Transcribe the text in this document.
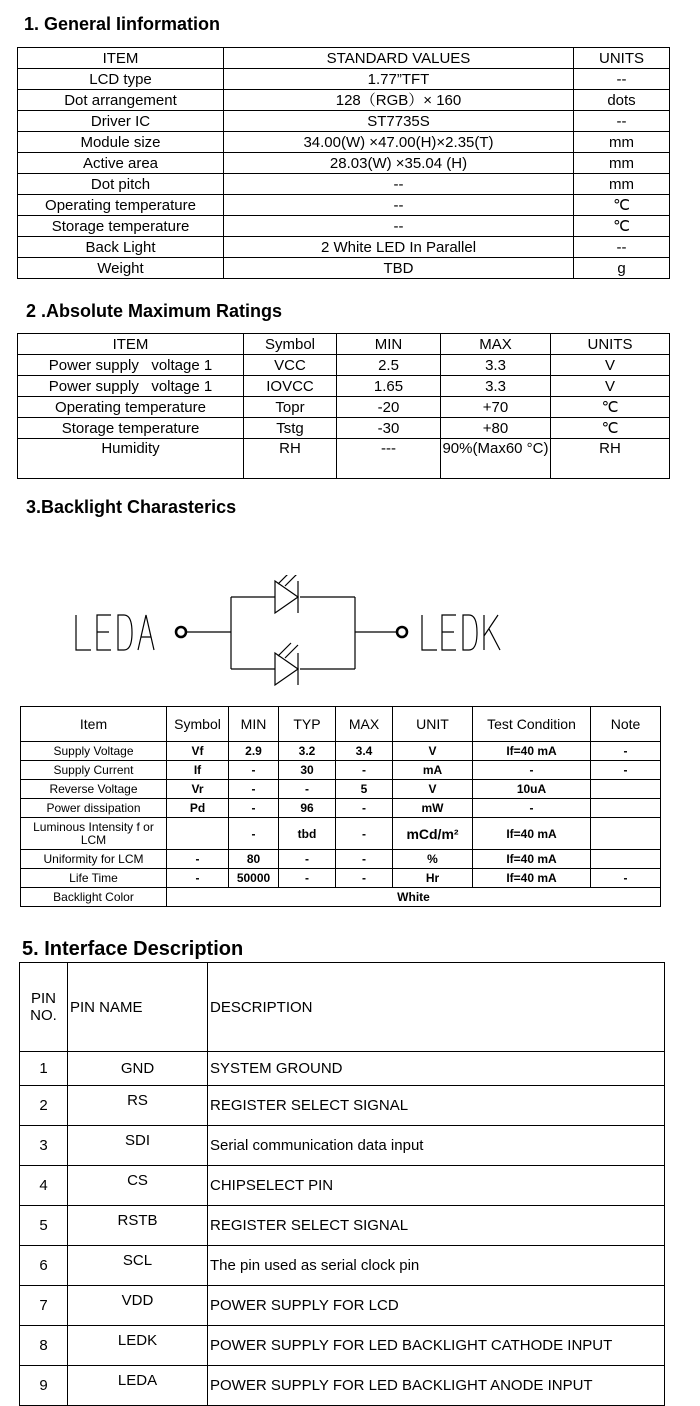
1. General Iinformation
ITEM	STANDARD VALUES	UNITS
LCD type	1.77”TFT	--
Dot arrangement	128（RGB）× 160	dots
Driver IC	ST7735S	--
Module size	34.00(W) ×47.00(H)×2.35(T)	mm
Active area	28.03(W) ×35.04 (H)	mm
Dot pitch	--	mm
Operating temperature	--	℃
Storage temperature	--	℃
Back Light	2 White LED In Parallel	--
Weight	TBD	g
2 .Absolute Maximum Ratings
ITEM	Symbol	MIN	MAX	UNITS
Power supply   voltage 1	VCC	2.5	3.3	V
Power supply   voltage 1	IOVCC	1.65	3.3	V
Operating temperature	Topr	-20	+70	℃
Storage temperature	Tstg	-30	+80	℃
Humidity	RH	---	90%(Max60 °C)	RH
3.Backlight Charasterics
LEDALEDK
Item	Symbol	MIN	TYP	MAX	UNIT	Test Condition	Note
Supply Voltage	Vf	2.9	3.2	3.4	V	If=40 mA	-
Supply Current	If	-	30	-	mA	-	-
Reverse Voltage	Vr	-	-	5	V	10uA	
Power dissipation	Pd	-	96	-	mW	-	
Luminous Intensity f or LCM		-	tbd	-	mCd/m²	If=40 mA	
Uniformity for LCM	-	80	-	-	%	If=40 mA	
Life Time	-	50000	-	-	Hr	If=40 mA	-
Backlight Color	White						
5. Interface Description
PIN NO.	PIN NAME	DESCRIPTION
1	GND	SYSTEM GROUND
2	RS	REGISTER SELECT SIGNAL
3	SDI	Serial communication data input
4	CS	CHIPSELECT PIN
5	RSTB	REGISTER SELECT SIGNAL
6	SCL	The pin used as serial clock pin
7	VDD	POWER SUPPLY FOR LCD
8	LEDK	POWER SUPPLY FOR LED BACKLIGHT CATHODE INPUT
9	LEDA	POWER SUPPLY FOR LED BACKLIGHT ANODE INPUT
